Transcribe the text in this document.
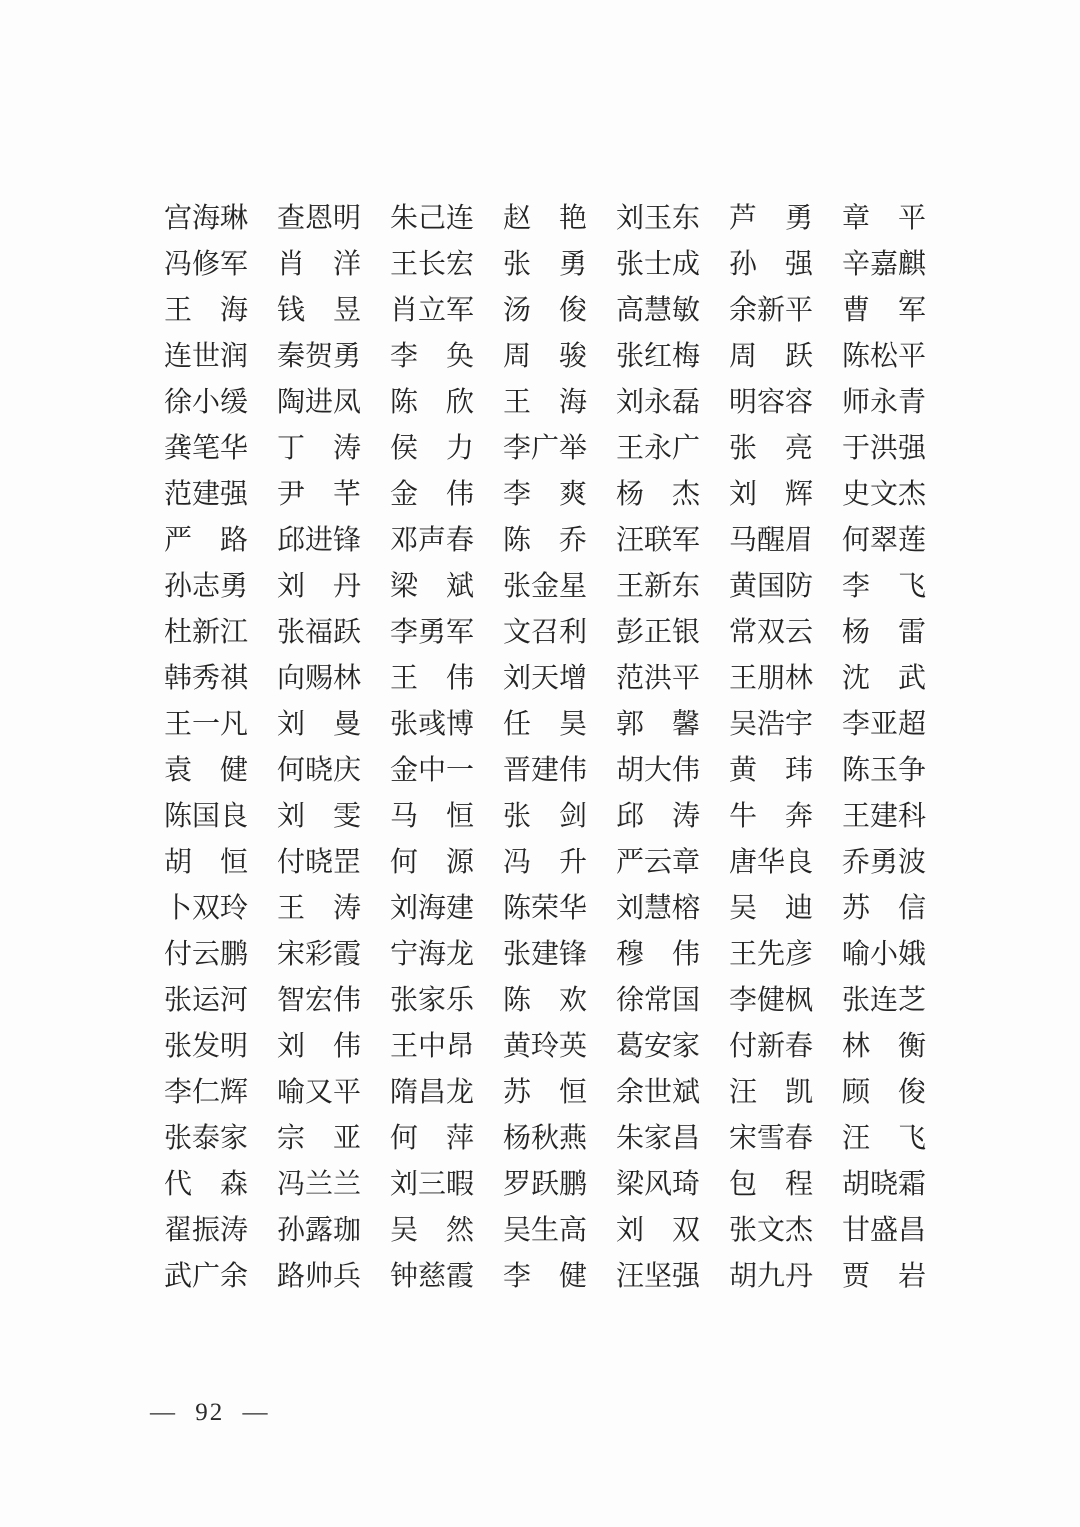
宫 海 琳 查 恩 明 朱 己 连 赵 艳 刘 玉 东 芦 勇 章 平
冯 修 军 肖 洋 王 长 宏 张 勇 张 士 成 孙 强 辛 嘉 麒
王 海 钱 昱 肖 立 军 汤 俊 高 慧 敏 余 新 平 曹 军
连 世 润 秦 贺 勇 李 奂 周 骏 张 红 梅 周 跃 陈 松 平
徐 小 缓 陶 进 凤 陈 欣 王 海 刘 永 磊 明 容 容 师 永 青
龚 笔 华 丁 涛 侯 力 李 广 举 王 永 广 张 亮 于 洪 强
范 建 强 尹 芊 金 伟 李 爽 杨 杰 刘 辉 史 文 杰
严 路 邱 进 锋 邓 声 春 陈 乔 汪 联 军 马 醒 眉 何 翠 莲
孙 志 勇 刘 丹 梁 斌 张 金 星 王 新 东 黄 国 防 李 飞
杜 新 江 张 福 跃 李 勇 军 文 召 利 彭 正 银 常 双 云 杨 雷
韩 秀 祺 向 赐 林 王 伟 刘 天 增 范 洪 平 王 朋 林 沈 武
王 一 凡 刘 曼 张 彧 博 任 昊 郭 馨 吴 浩 宇 李 亚 超
袁 健 何 晓 庆 金 中 一 晋 建 伟 胡 大 伟 黄 玮 陈 玉 争
陈 国 良 刘 雯 马 恒 张 剑 邱 涛 牛 奔 王 建 科
胡 恒 付 晓 罡 何 源 冯 升 严 云 章 唐 华 良 乔 勇 波
卜 双 玲 王 涛 刘 海 建 陈 荣 华 刘 慧 榕 吴 迪 苏 信
付 云 鹏 宋 彩 霞 宁 海 龙 张 建 锋 穆 伟 王 先 彦 喻 小 娥
张 运 河 智 宏 伟 张 家 乐 陈 欢 徐 常 国 李 健 枫 张 连 芝
张 发 明 刘 伟 王 中 昂 黄 玲 英 葛 安 家 付 新 春 林 衡
李 仁 辉 喻 又 平 隋 昌 龙 苏 恒 余 世 斌 汪 凯 顾 俊
张 泰 家 宗 亚 何 萍 杨 秋 燕 朱 家 昌 宋 雪 春 汪 飞
代 森 冯 兰 兰 刘 三 暇 罗 跃 鹏 梁 风 琦 包 程 胡 晓 霜
翟 振 涛 孙 露 珈 吴 然 吴 生 高 刘 双 张 文 杰 甘 盛 昌
武 广 余 路 帅 兵 钟 慈 霞 李 健 汪 坚 强 胡 九 丹 贾 岩
— 92 —
